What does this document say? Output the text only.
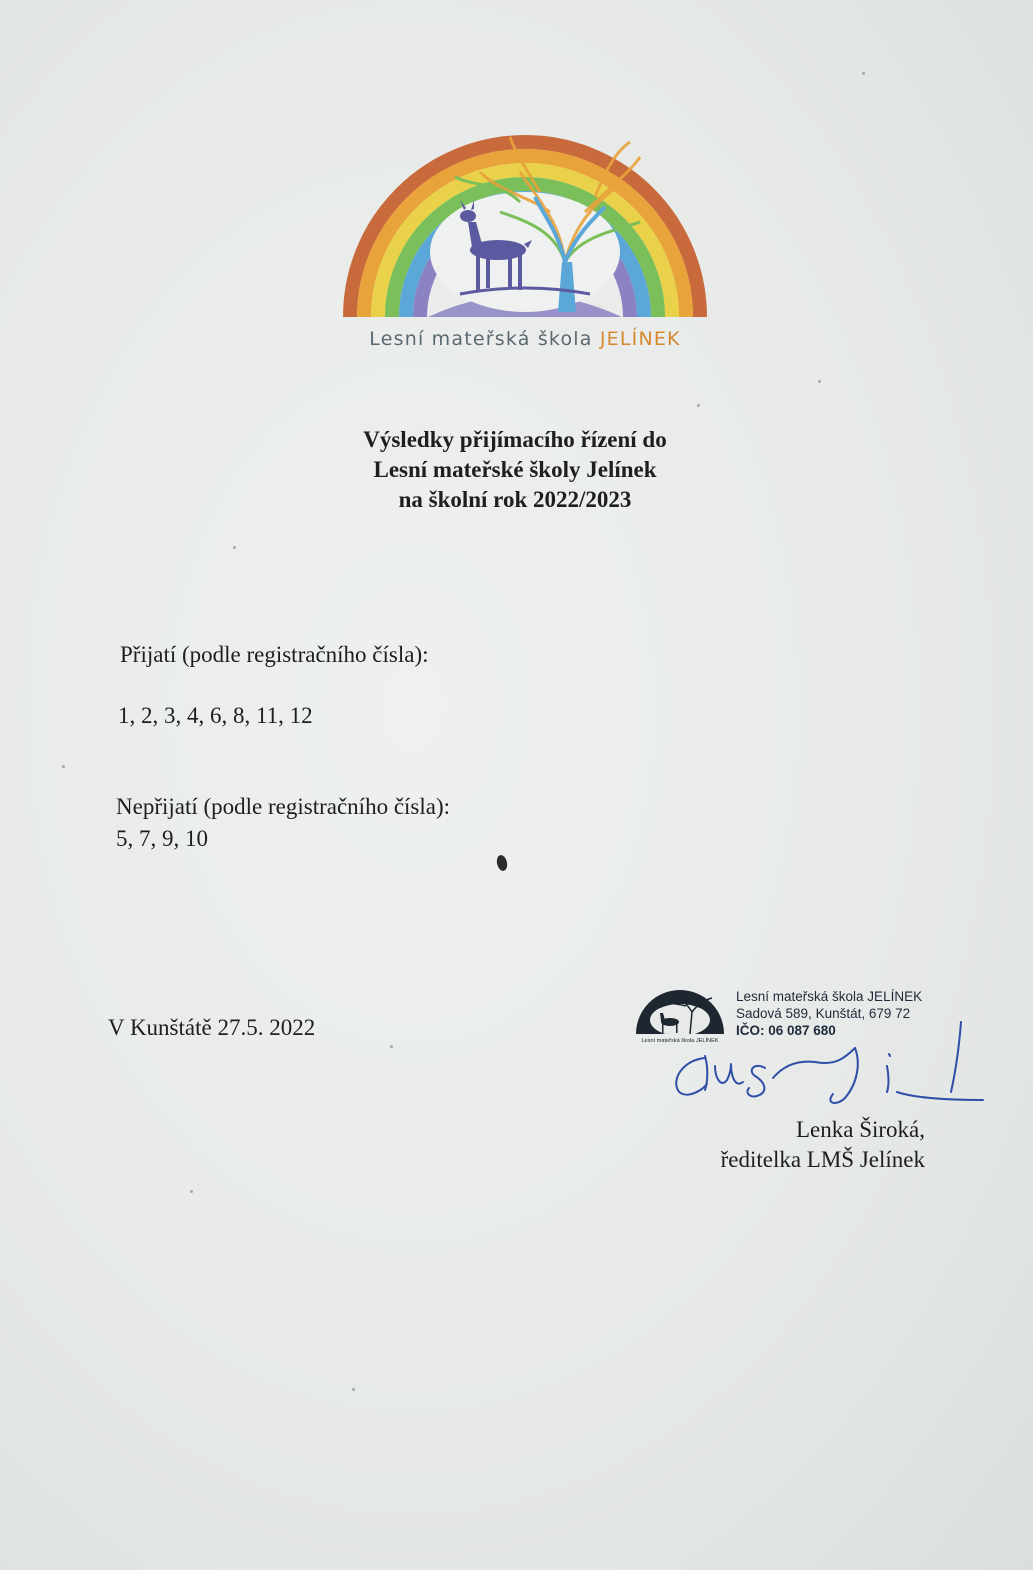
Lesní mateřská škola JELÍNEK
Výsledky přijímacího řízení do
Lesní mateřské školy Jelínek
na školní rok 2022/2023
Přijatí (podle registračního čísla):
1, 2, 3, 4, 6, 8, 11, 12
Nepřijatí (podle registračního čísla):
5, 7, 9, 10
V Kunštátě 27.5. 2022
Lesní mateřská škola JELÍNEK
Lesní mateřská škola JELÍNEK
Sadová 589, Kunštát, 679 72
IČO: 06 087 680
Lenka Široká,
ředitelka LMŠ Jelínek
